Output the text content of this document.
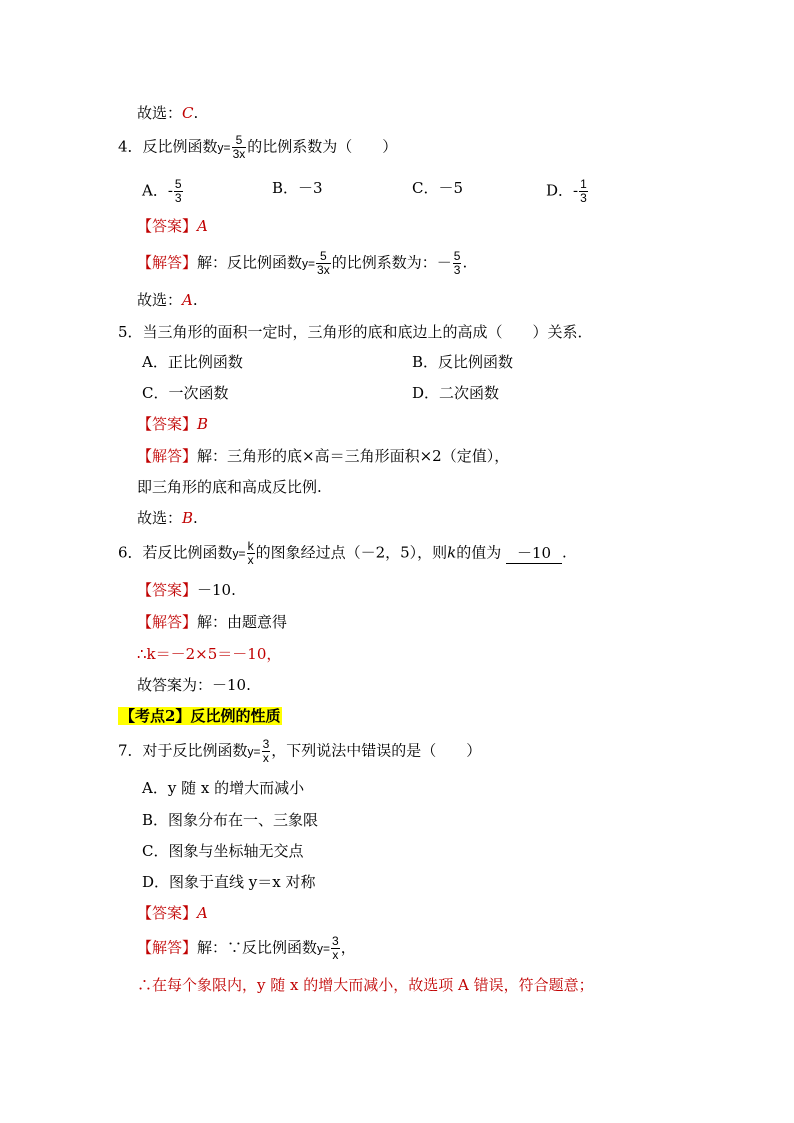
故选：C.
4．反比例函数$y= \frac{5}{3x}$ 的比例系数为（　　）
A．- $\frac{5}{3}$	B．－3	C．－5	D．- $\frac{1}{3}$
【答案】A
【解答】解：反比例函数$y= \frac{5}{3x}$ 的比例系数为：－ $\frac{5}{3}$ .
故选：A.
5．当三角形的面积一定时，三角形的底和底边上的高成（　　）关系．
A．正比例函数	B．反比例函数
C．一次函数	D．二次函数
【答案】B
【解答】解：三角形的底×高＝三角形面积×2（定值），
即三角形的底和高成反比例.
故选：B.
6．若反比例函数$y= \frac{k}{x}$ 的图象经过点（－2，5），则k的值为 －10 .
【答案】－10.
【解答】解：由题意得
∴k＝－2×5＝－10，
故答案为：－10.
【考点2】反比例的性质
7．对于反比例函数$y= \frac{3}{x}$ ，下列说法中错误的是（　　）
A．y 随 x 的增大而减小
B．图象分布在一、三象限
C．图象与坐标轴无交点
D．图象于直线 y＝x 对称
【答案】A
【解答】解：∵反比例函数$y= \frac{3}{x}$ ，
∴在每个象限内，y 随 x 的增大而减小，故选项 A 错误，符合题意；
